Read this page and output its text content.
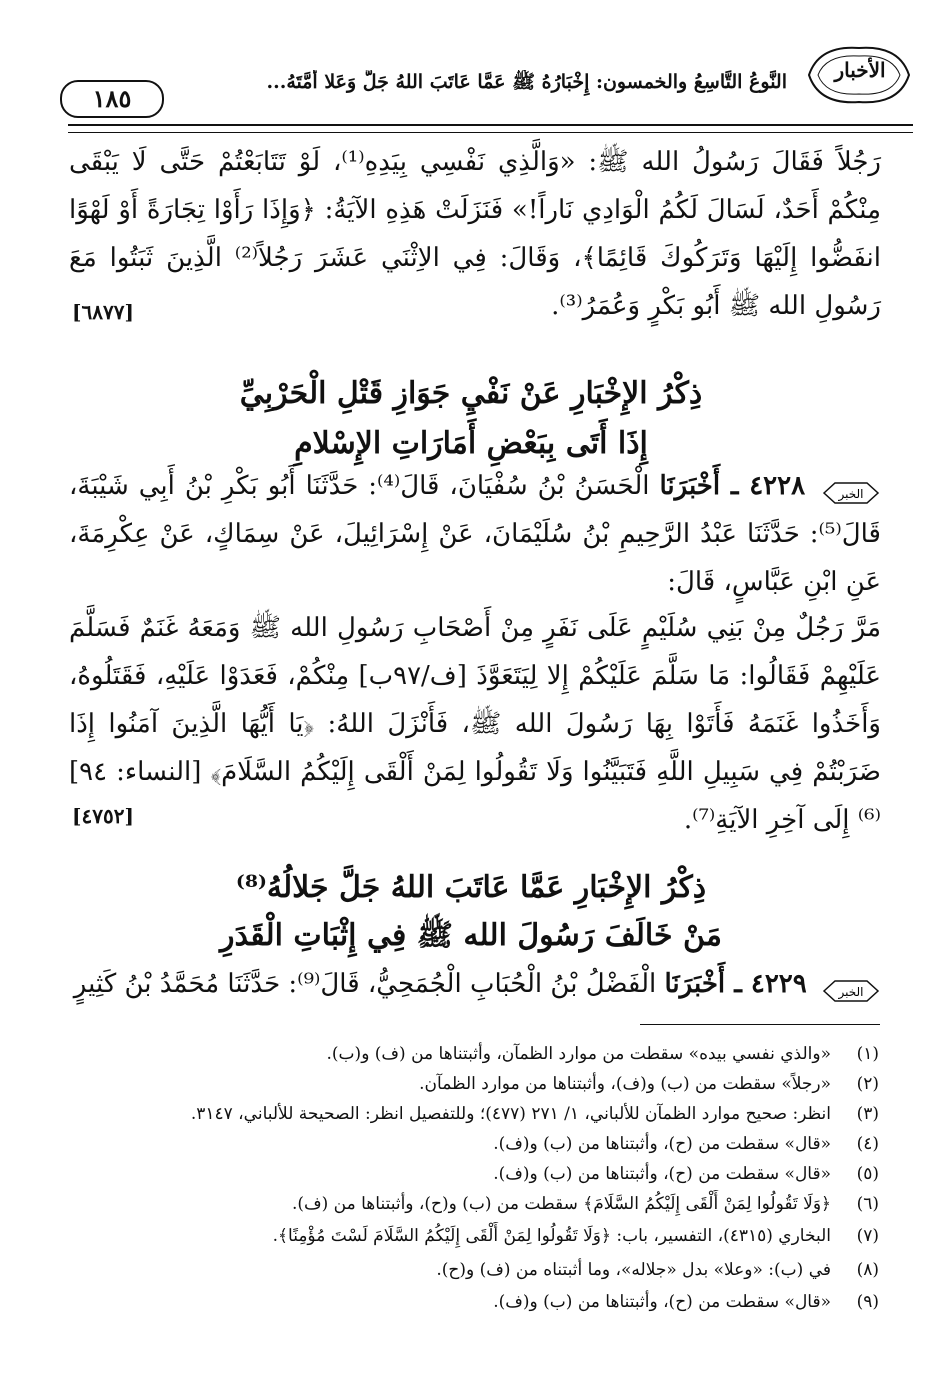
الأخبار
النَّوعُ التَّاسِعُ والخمسون: إِخْبَارُهُ ﷺ عَمَّا عَاتَبَ اللهُ جَلَّ وَعَلا أُمَّتَهُ...
١٨٥
رَجُلاً فَقَالَ رَسُولُ الله ﷺ: «وَالَّذِي نَفْسِي بِيَدِهِ⁽¹⁾، لَوْ تَتَابَعْتُمْ حَتَّى لَا يَبْقَى مِنْكُمْ أَحَدٌ، لَسَالَ لَكُمُ الْوَادِي نَاراً!» فَنَزَلَتْ هَذِهِ الآيَةُ: ﴿وَإِذَا رَأَوْا تِجَارَةً أَوْ لَهْوًا انفَضُّوا إِلَيْهَا وَتَرَكُوكَ قَائِمًا﴾، وَقَالَ: فِي الاِثْنَي عَشَرَ رَجُلاً⁽²⁾ الَّذِينَ ثَبَتُوا مَعَ رَسُولِ الله ﷺ أَبُو بَكْرٍ وَعُمَرُ⁽³⁾.
[٦٨٧٧]
ذِكْرُ الإِخْبَارِ عَنْ نَفْيِ جَوَازِ قَتْلِ الْحَرْبِيِّ
إِذَا أَتَى بِبَعْضِ أَمَارَاتِ الإِسْلامِ
الخبر
٤٢٢٨ ـ أَخْبَرَنَا الْحَسَنُ بْنُ سُفْيَانَ، قَالَ⁽⁴⁾: حَدَّثَنَا أَبُو بَكْرِ بْنُ أَبِي شَيْبَةَ، قَالَ⁽⁵⁾: حَدَّثَنَا عَبْدُ الرَّحِيمِ بْنُ سُلَيْمَانَ، عَنْ إِسْرَائِيلَ، عَنْ سِمَاكٍ، عَنْ عِكْرِمَةَ، عَنِ ابْنِ عَبَّاسٍ، قَالَ:
مَرَّ رَجُلٌ مِنْ بَنِي سُلَيْمٍ عَلَى نَفَرٍ مِنْ أَصْحَابِ رَسُولِ الله ﷺ وَمَعَهُ غَنَمٌ فَسَلَّمَ عَلَيْهِمْ فَقَالُوا: مَا سَلَّمَ عَلَيْكُمْ إِلا لِيَتَعَوَّذَ [ف/٩٧ب] مِنْكُمْ، فَعَدَوْا عَلَيْهِ، فَقَتَلُوهُ، وَأَخَذُوا غَنَمَهُ فَأَتَوْا بِهَا رَسُولَ الله ﷺ، فَأَنْزَلَ اللهُ: ﴿يَا أَيُّهَا الَّذِينَ آمَنُوا إِذَا ضَرَبْتُمْ فِي سَبِيلِ اللَّهِ فَتَبَيَّنُوا وَلَا تَقُولُوا لِمَنْ أَلْقَى إِلَيْكُمُ السَّلَامَ﴾ [النساء: ٩٤]⁽⁶⁾ إِلَى آخِرِ الآيَةِ⁽⁷⁾.
[٤٧٥٢]
ذِكْرُ الإِخْبَارِ عَمَّا عَاتَبَ اللهُ جَلَّ جَلالُهُ⁽⁸⁾
مَنْ خَالَفَ رَسُولَ الله ﷺ فِي إِثْبَاتِ الْقَدَرِ
الخبر
٤٢٢٩ ـ أَخْبَرَنَا الْفَضْلُ بْنُ الْحُبَابِ الْجُمَحِيُّ، قَالَ⁽⁹⁾: حَدَّثَنَا مُحَمَّدُ بْنُ كَثِيرٍ
(١)«والذي نفسي بيده» سقطت من موارد الظمآن، وأثبتناها من (ف) و(ب).
(٢)«رجلاً» سقطت من (ب) و(ف)، وأثبتناها من موارد الظمآن.
(٣)انظر: صحيح موارد الظمآن للألباني، ١/ ٢٧١ (٤٧٧)؛ وللتفصيل انظر: الصحيحة للألباني، ٣١٤٧.
(٤)«قال» سقطت من (ح)، وأثبتناها من (ب) و(ف).
(٥)«قال» سقطت من (ح)، وأثبتناها من (ب) و(ف).
(٦)﴿وَلَا تَقُولُوا لِمَنْ أَلْقَى إِلَيْكُمُ السَّلَامَ﴾ سقطت من (ب) و(ح)، وأثبتناها من (ف).
(٧)البخاري (٤٣١٥)، التفسير، باب: ﴿وَلَا تَقُولُوا لِمَنْ أَلْقَى إِلَيْكُمُ السَّلَامَ لَسْتَ مُؤْمِنًا﴾.
(٨)في (ب): «وعلا» بدل «جلاله»، وما أثبتناه من (ف) و(ح).
(٩)«قال» سقطت من (ح)، وأثبتناها من (ب) و(ف).
